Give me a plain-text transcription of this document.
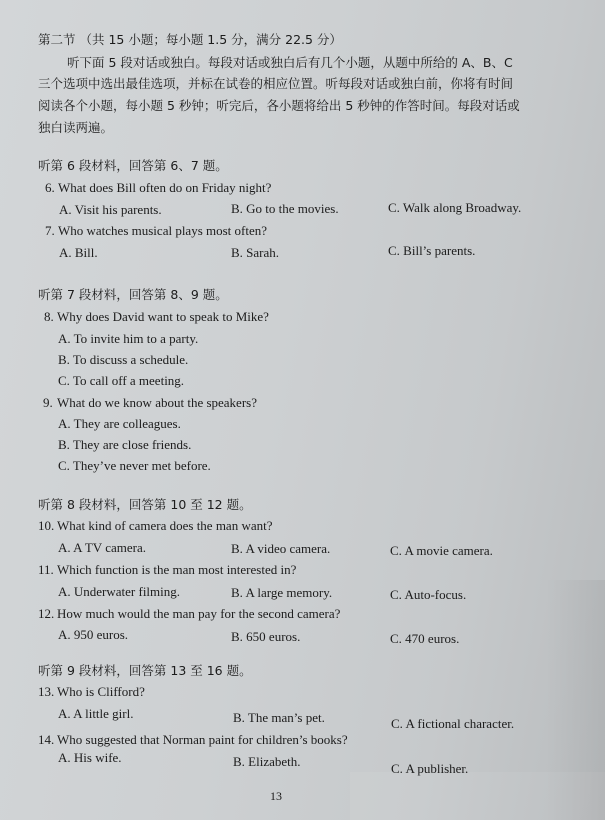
第二节 （共 15 小题；每小题 1.5 分，满分 22.5 分）
听下面 5 段对话或独白。每段对话或独白后有几个小题，从题中所给的 A、B、C
三个选项中选出最佳选项，并标在试卷的相应位置。听每段对话或独白前，你将有时间
阅读各个小题，每小题 5 秒钟；听完后，各小题将给出 5 秒钟的作答时间。每段对话或
独白读两遍。
听第 6 段材料，回答第 6、7 题。
6. What does Bill often do on Friday night?
A. Visit his parents.	B. Go to the movies.	C. Walk along Broadway.
7. Who watches musical plays most often?
A. Bill.	B. Sarah.	C. Bill’s parents.
听第 7 段材料，回答第 8、9 题。
8. Why does David want to speak to Mike?
A. To invite him to a party.
B. To discuss a schedule.
C. To call off a meeting.
9. What do we know about the speakers?
A. They are colleagues.
B. They are close friends.
C. They’ve never met before.
听第 8 段材料，回答第 10 至 12 题。
10. What kind of camera does the man want?
A. A TV camera.	B. A video camera.	C. A movie camera.
11. Which function is the man most interested in?
A. Underwater filming.	B. A large memory.	C. Auto-focus.
12. How much would the man pay for the second camera?
A. 950 euros.	B. 650 euros.	C. 470 euros.
听第 9 段材料，回答第 13 至 16 题。
13. Who is Clifford?
A. A little girl.	B. The man’s pet.	C. A fictional character.
14. Who suggested that Norman paint for children’s books?
A. His wife.	B. Elizabeth.	C. A publisher.
13
